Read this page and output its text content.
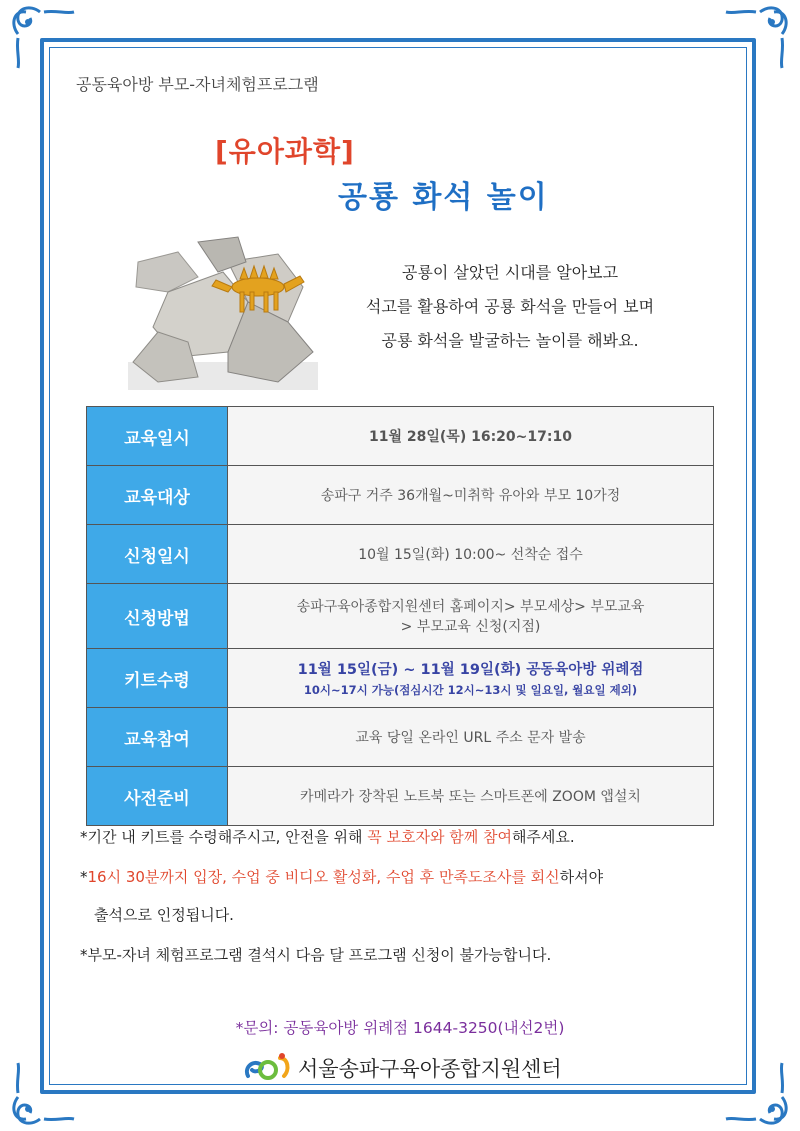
공동육아방 부모-자녀체험프로그램
[유아과학]
공룡 화석 놀이
공룡이 살았던 시대를 알아보고
석고를 활용하여 공룡 화석을 만들어 보며
공룡 화석을 발굴하는 놀이를 해봐요.
교육일시	11월 28일(목) 16:20~17:10
교육대상	송파구 거주 36개월~미취학 유아와 부모 10가정
신청일시	10월 15일(화) 10:00~ 선착순 접수
신청방법	송파구육아종합지원센터 홈페이지> 부모세상> 부모교육
> 부모교육 신청(지점)

키트수령	11월 15일(금) ~ 11월 19일(화) 공동육아방 위례점
10시~17시 가능(점심시간 12시~13시 및 일요일, 월요일 제외)

교육참여	교육 당일 온라인 URL 주소 문자 발송
사전준비	카메라가 장착된 노트북 또는 스마트폰에 ZOOM 앱설치
*기간 내 키트를 수령해주시고, 안전을 위해 꼭 보호자와 함께 참여해주세요.
*16시 30분까지 입장, 수업 중 비디오 활성화, 수업 후 만족도조사를 회신하셔야
출석으로 인정됩니다.
*부모-자녀 체험프로그램 결석시 다음 달 프로그램 신청이 불가능합니다.
*문의: 공동육아방 위례점 1644-3250(내선2번)
서울송파구육아종합지원센터
